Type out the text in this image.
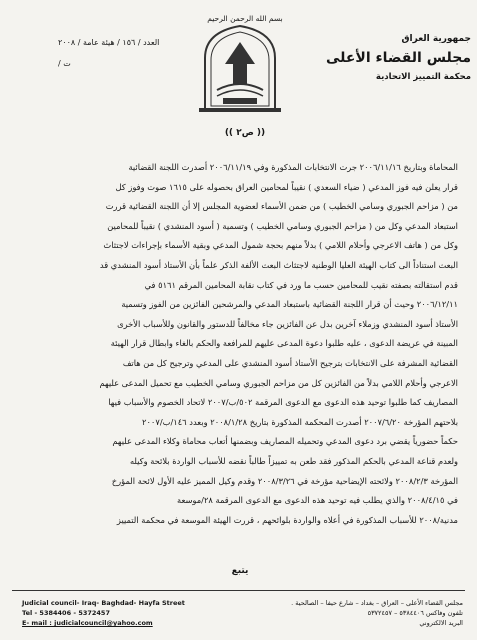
بسم الله الرحمن الرحيم
جمهورية العراق
مجلس القضاء الأعلى
محكمة التمييز الاتحادية
العدد / ١٥٦ / هيئة عامة / ٢٠٠٨
ت /
(( ص٢ ))

المحاماة وبتاريخ ٢٠٠٦/١١/١٦ جرت الانتخابات المذكورة وفي ٢٠٠٦/١١/١٩ أصدرت اللجنة القضائية

قرار يعلن فيه فوز المدعي ( ضياء السعدي ) نقيباً لمحامين العراق بحصوله على ١٦١٥ صوت وفوز كل

من ( مزاحم الجبوري وسامي الخطيب ) من ضمن الأسماء لعضوية المجلس إلا أن اللجنة القضائية قررت

استبعاد المدعي وكل من ( مزاحم الجبوري وسامي الخطيب ) وتسمية ( أسود المنشدي ) نقيباً للمحامين

وكل من ( هاتف الاعرجي وأحلام اللامي ) بدلاً منهم بحجة شمول المدعي وبقية الأسماء بإجراءات لاجتثاث

البعث استناداً الى كتاب الهيئة العليا الوطنية لاجتثاث البعث الألفة الذكر علماً بأن الأستاذ أسود المنشدي قد

قدم استقالته بصفته نقيب للمحامين حسب ما ورد في كتاب نقابة المحامين المرقم ٥١٦١ في

٢٠٠٦/١٢/١١ وحيث أن قرار اللجنة القضائية باستبعاد المدعي والمرشحين الفائزين من الفوز وتسمية

الأستاذ أسود المنشدي وزملاء آخرين بدل عن الفائزين جاء مخالفاً للدستور والقانون وللأسباب الأخرى

المبينة في عريضة الدعوى ، عليه طلبوا دعوة المدعى عليهم للمرافعة والحكم بالغاء وابطال قرار الهيئة

القضائية المشرفة على الانتخابات بترجيح الأستاذ أسود المنشدي على المدعي وترجيح كل من هاتف

الاعرجي وأحلام اللامي بدلاً من الفائزين كل من مزاحم الجبوري وسامي الخطيب مع تحميل المدعى عليهم

المصاريف كما طلبوا توحيد هذه الدعوى مع الدعوى المرقمة ٥٠٢/ب/٢٠٠٧ لاتحاد الخصوم والأسباب فيها

بلاحتهم المؤرخة ٢٠٠٧/٦/٢٠ أصدرت المحكمة المذكورة بتاريخ ٢٠٠٨/١/٢٨ وبعدد ١٤٦/ب/٢٠٠٧

حكماً حضورياً يقضي برد دعوى المدعي وتحميله المصاريف وبضمنها أتعاب محاماة وكلاء المدعى عليهم

ولعدم قناعة المدعي بالحكم المذكور فقد طعن به تمييزاً طالباً نقضه للأسباب الواردة بلائحة وكيله

المؤرخة ٢٠٠٨/٢/٣ ولائحته الإيضاحية مؤرخة في ٢٠٠٨/٣/٢٦ وقدم وكيل المميز عليه الأول لائحة المؤرخ

في ٢٠٠٨/٤/١٥ والذي يطلب فيه توحيد هذه الدعوى مع الدعوى المرقمة ٢٨/موسعة

مدنية/٢٠٠٨ للأسباب المذكورة في أعلاه والواردة بلوائحهم ، قررت الهيئة الموسعة في محكمة التمييز

يتبع
Judicial council- Iraq- Baghdad- Hayfa Street
Tel - 5384406 - 5372457
E- mail : judicialcouncil@yahoo.com
مجلس القضاء الأعلى – العراق – بغداد – شارع حيفا – الصالحية .
تلفون وفاكس ٥٣٨٤٤٠٦ – ٥٣٧٢٤٥٧
البريد الالكتروني
